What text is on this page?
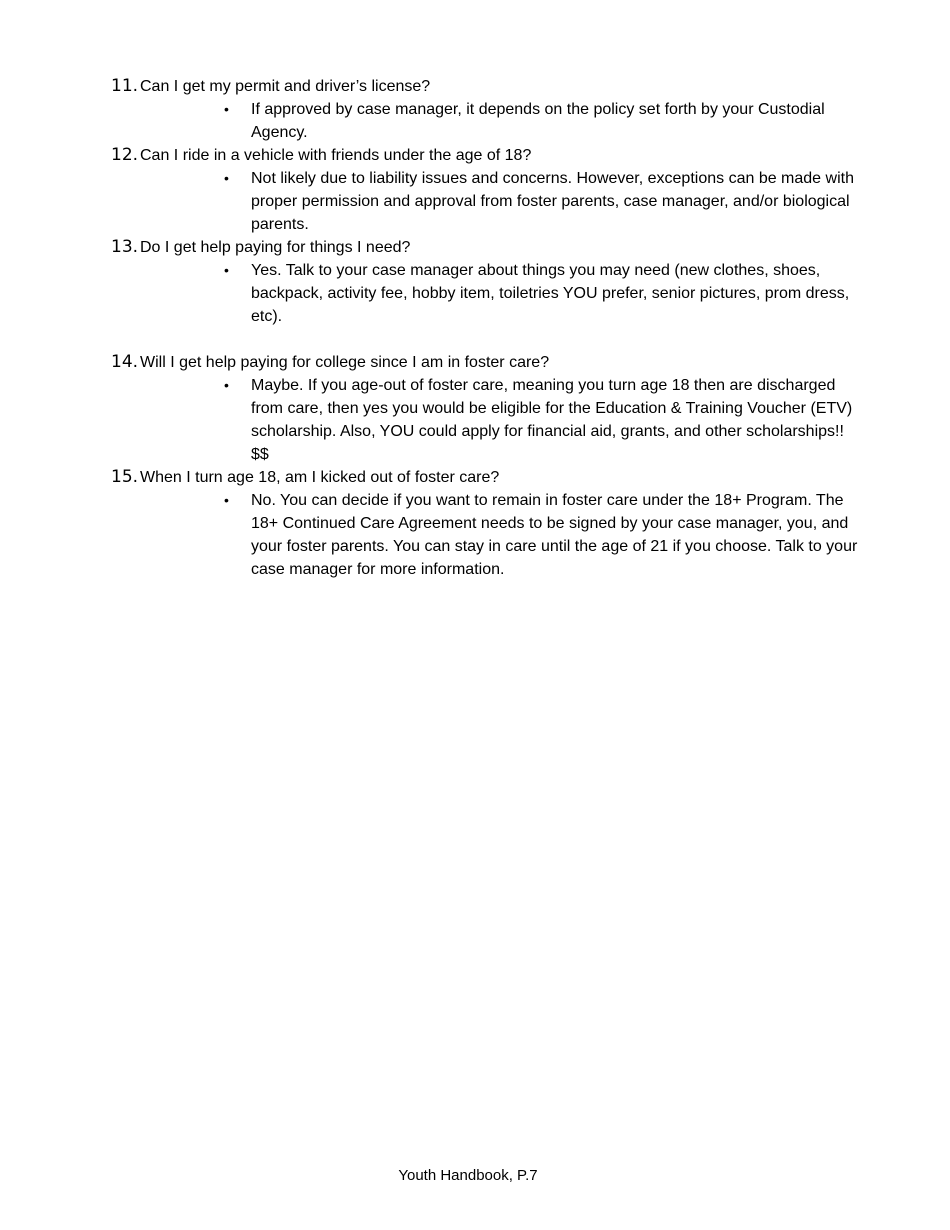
11. Can I get my permit and driver’s license?
• If approved by case manager, it depends on the policy set forth by your Custodial Agency.
12. Can I ride in a vehicle with friends under the age of 18?
• Not likely due to liability issues and concerns. However, exceptions can be made with proper permission and approval from foster parents, case manager, and/or biological parents.
13. Do I get help paying for things I need?
• Yes. Talk to your case manager about things you may need (new clothes, shoes, backpack, activity fee, hobby item, toiletries YOU prefer, senior pictures, prom dress, etc).
14. Will I get help paying for college since I am in foster care?
• Maybe. If you age-out of foster care, meaning you turn age 18 then are discharged from care, then yes you would be eligible for the Education & Training Voucher (ETV) scholarship. Also, YOU could apply for financial aid, grants, and other scholarships!! $$
15. When I turn age 18, am I kicked out of foster care?
• No. You can decide if you want to remain in foster care under the 18+ Program. The 18+ Continued Care Agreement needs to be signed by your case manager, you, and your foster parents. You can stay in care until the age of 21 if you choose. Talk to your case manager for more information.
Youth Handbook, P.7
